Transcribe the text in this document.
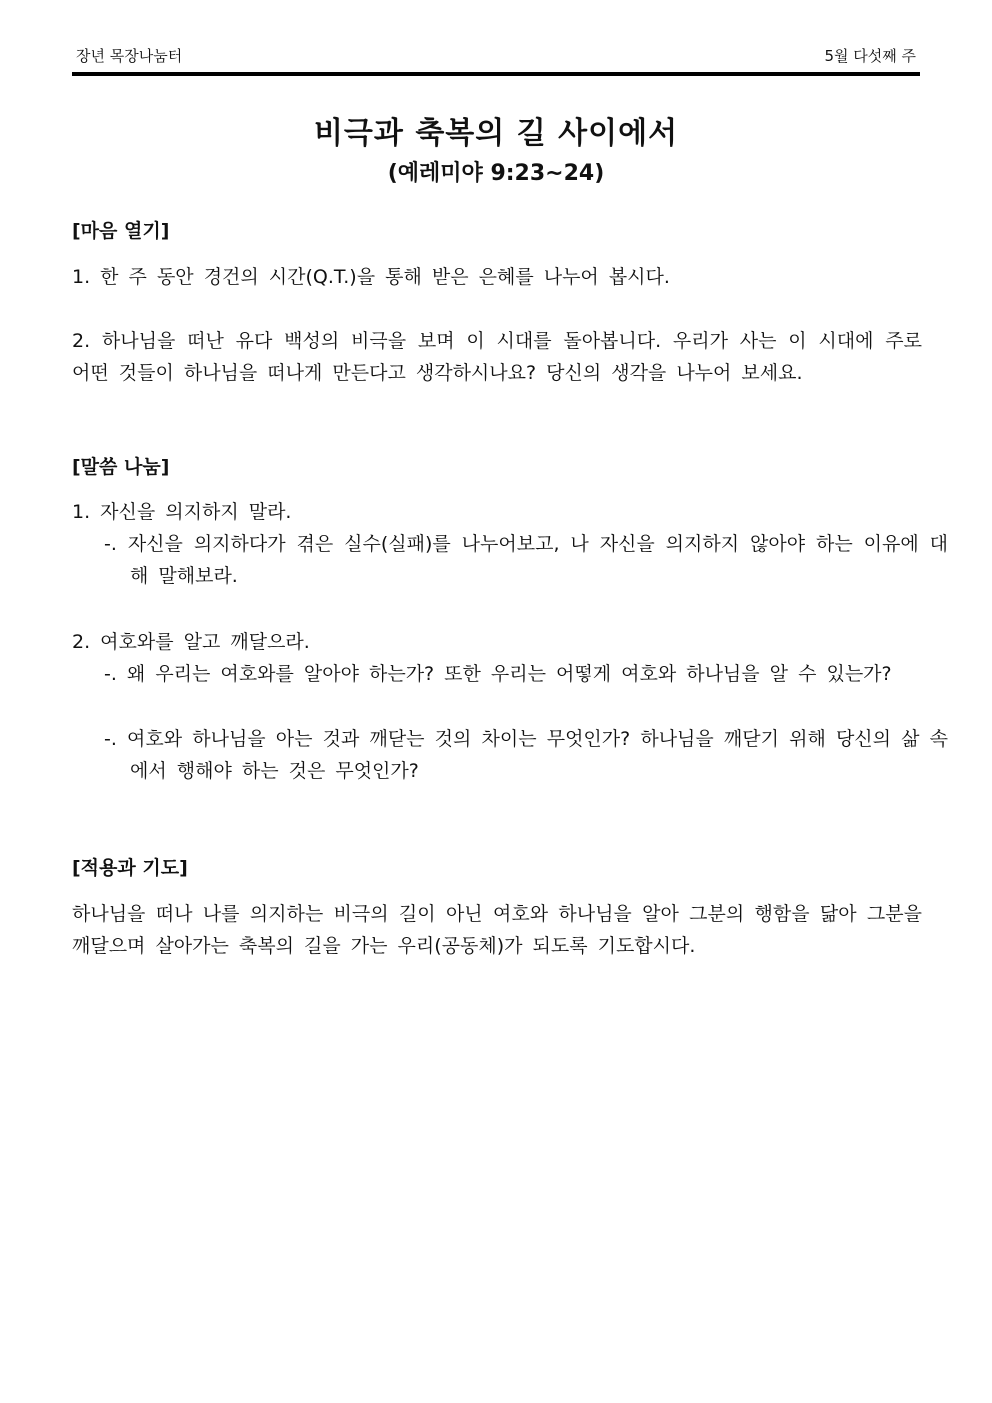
장년 목장나눔터	5월 다섯째 주
비극과 축복의 길 사이에서
(예레미야 9:23~24)
[마음 열기]
1. 한 주 동안 경건의 시간(Q.T.)을 통해 받은 은혜를 나누어 봅시다.
2. 하나님을 떠난 유다 백성의 비극을 보며 이 시대를 돌아봅니다. 우리가 사는 이 시대에 주로 어떤 것들이 하나님을 떠나게 만든다고 생각하시나요? 당신의 생각을 나누어 보세요.
[말씀 나눔]
1. 자신을 의지하지 말라.
-. 자신을 의지하다가 겪은 실수(실패)를 나누어보고, 나 자신을 의지하지 않아야 하는 이유에 대해 말해보라.
2. 여호와를 알고 깨달으라.
-. 왜 우리는 여호와를 알아야 하는가? 또한 우리는 어떻게 여호와 하나님을 알 수 있는가?
-. 여호와 하나님을 아는 것과 깨닫는 것의 차이는 무엇인가? 하나님을 깨닫기 위해 당신의 삶 속에서 행해야 하는 것은 무엇인가?
[적용과 기도]
하나님을 떠나 나를 의지하는 비극의 길이 아닌 여호와 하나님을 알아 그분의 행함을 닮아 그분을 깨달으며 살아가는 축복의 길을 가는 우리(공동체)가 되도록 기도합시다.
